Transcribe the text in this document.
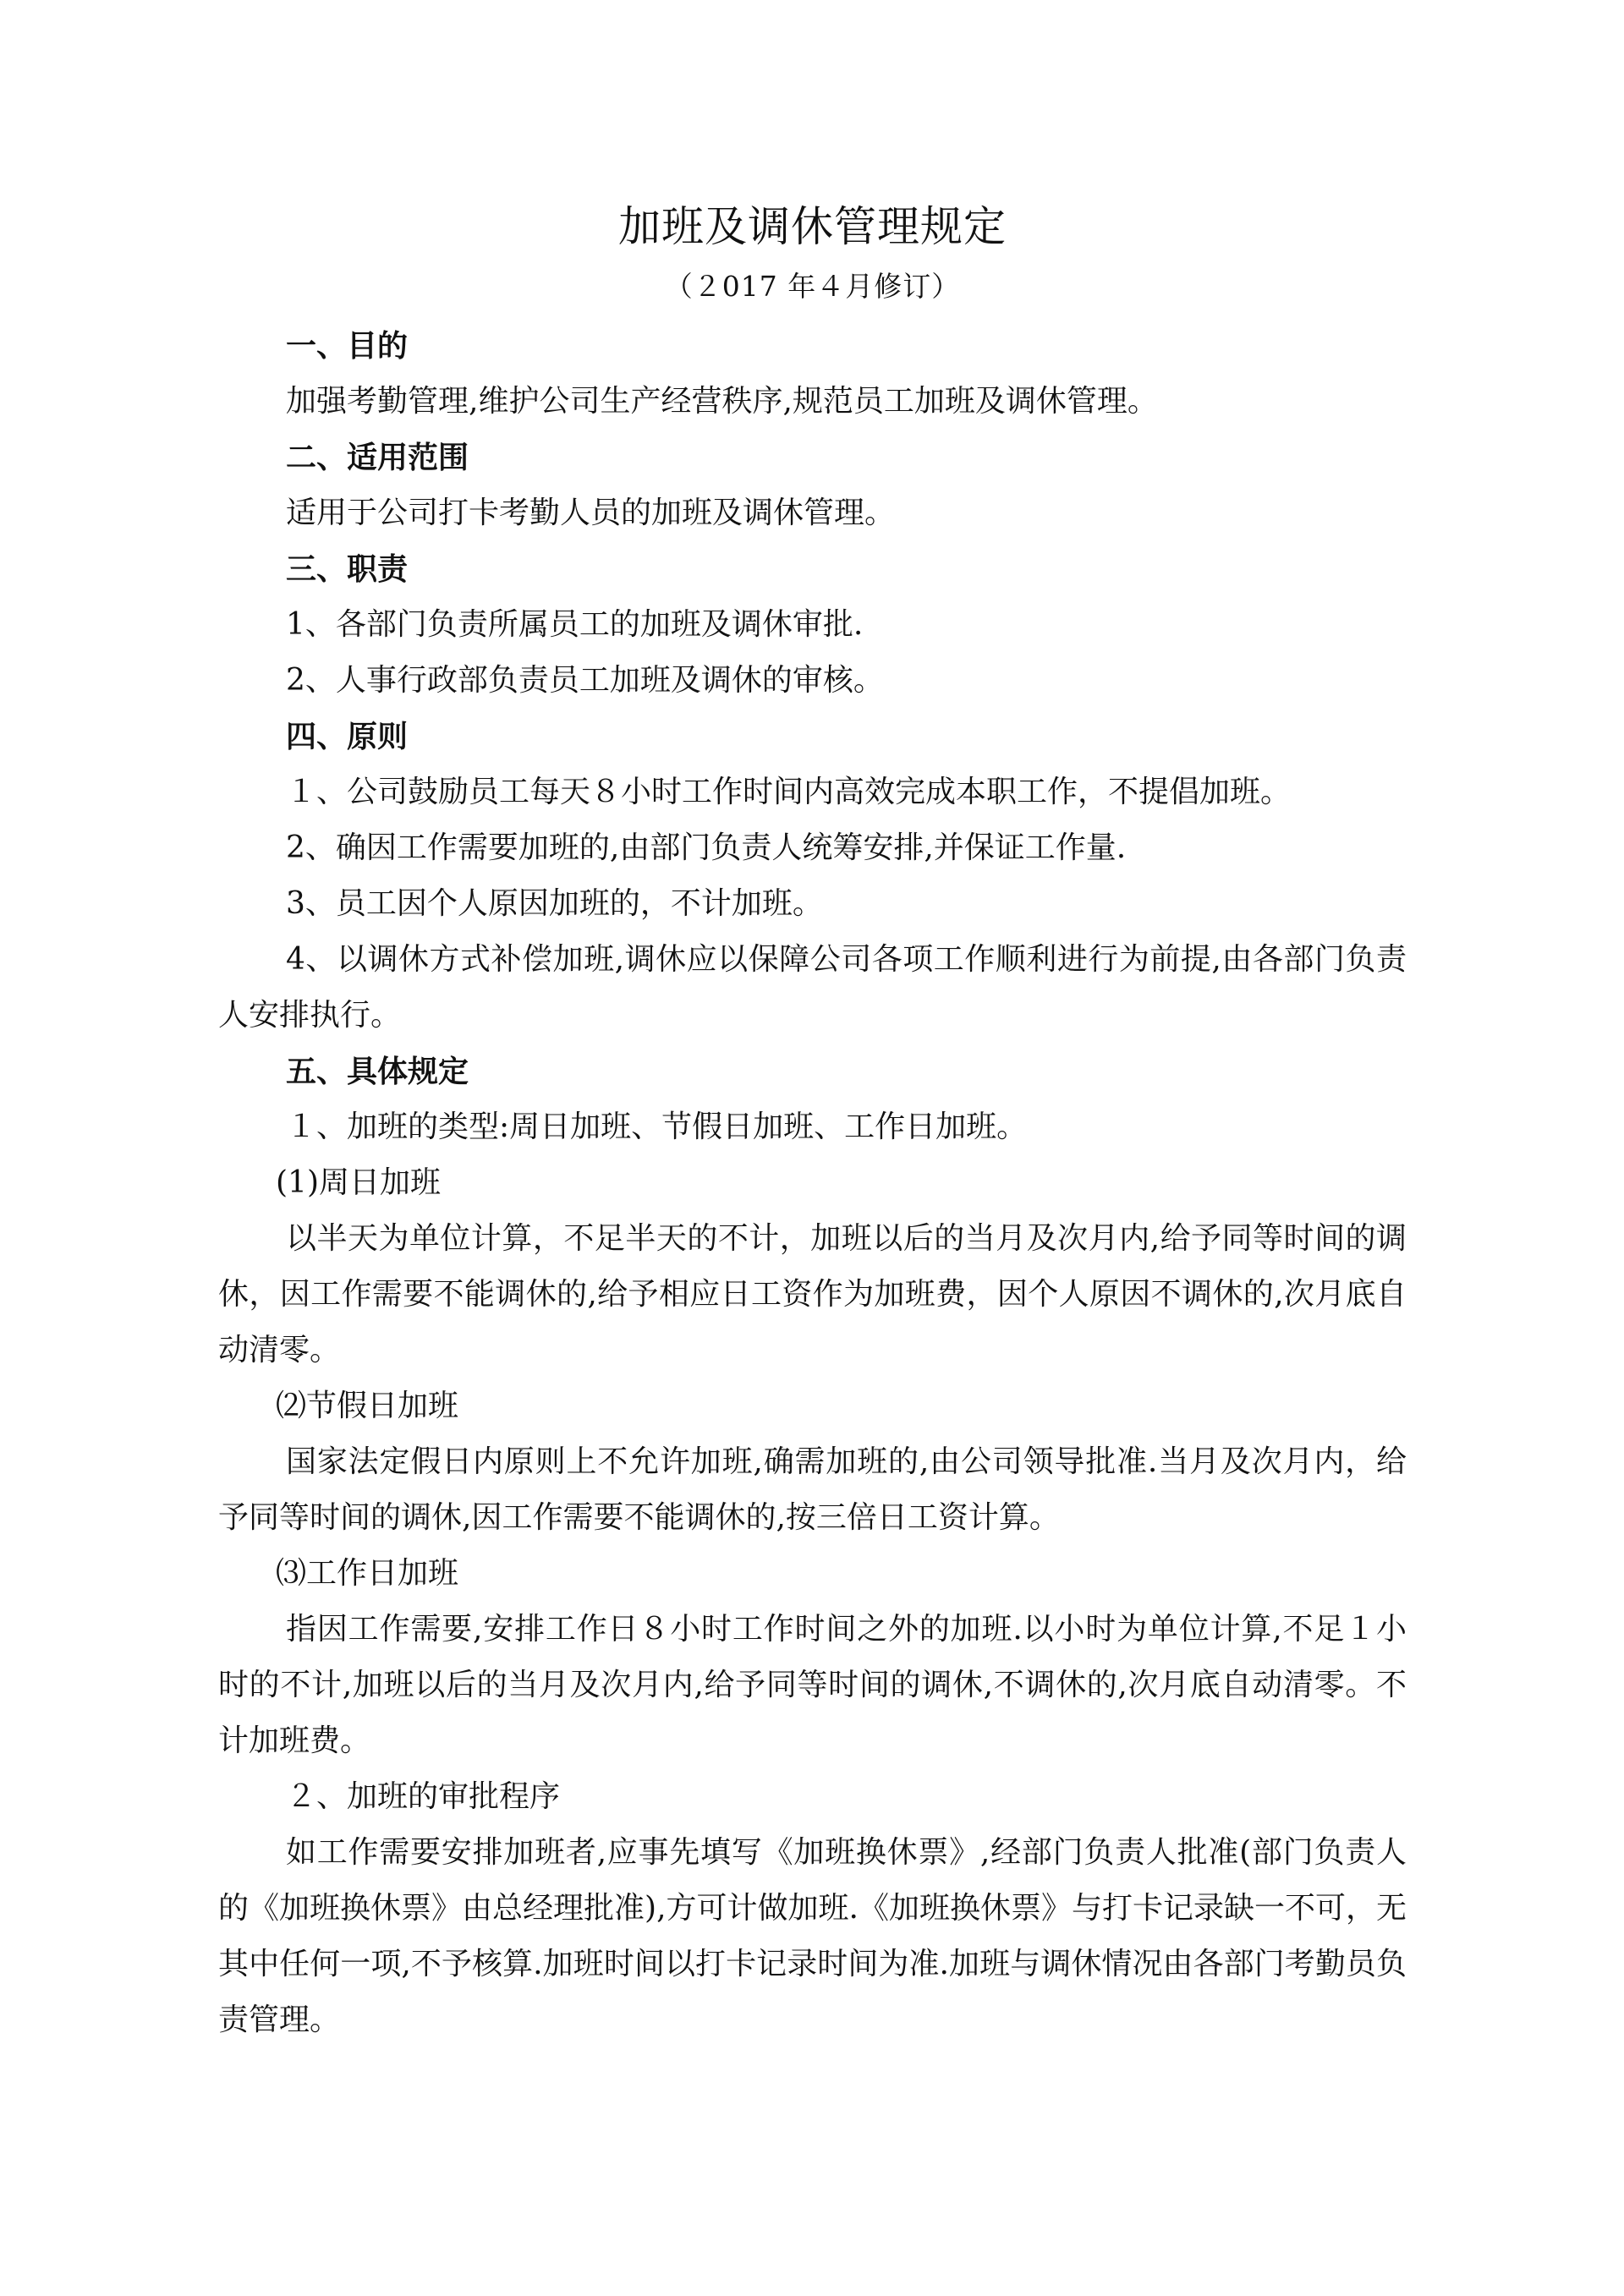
加班及调休管理规定

（２017 年４月修订）

一、目的

加强考勤管理,维护公司生产经营秩序,规范员工加班及调休管理。

二、适用范围

适用于公司打卡考勤人员的加班及调休管理。

三、职责

1、各部门负责所属员工的加班及调休审批.

2、人事行政部负责员工加班及调休的审核。

四、原则

１、公司鼓励员工每天８小时工作时间内高效完成本职工作，不提倡加班。

2、确因工作需要加班的,由部门负责人统筹安排,并保证工作量.

3、员工因个人原因加班的，不计加班。

4、以调休方式补偿加班,调休应以保障公司各项工作顺利进行为前提,由各部门负责人安排执行。

五、具体规定

１、加班的类型:周日加班、节假日加班、工作日加班。

(1)周日加班

以半天为单位计算，不足半天的不计，加班以后的当月及次月内,给予同等时间的调休，因工作需要不能调休的,给予相应日工资作为加班费，因个人原因不调休的,次月底自动清零。

⑵节假日加班

国家法定假日内原则上不允许加班,确需加班的,由公司领导批准.当月及次月内，给予同等时间的调休,因工作需要不能调休的,按三倍日工资计算。

⑶工作日加班

指因工作需要,安排工作日８小时工作时间之外的加班.以小时为单位计算,不足１小时的不计,加班以后的当月及次月内,给予同等时间的调休,不调休的,次月底自动清零。不计加班费。

２、加班的审批程序

如工作需要安排加班者,应事先填写《加班换休票》,经部门负责人批准(部门负责人的《加班换休票》由总经理批准),方可计做加班.《加班换休票》与打卡记录缺一不可，无其中任何一项,不予核算.加班时间以打卡记录时间为准.加班与调休情况由各部门考勤员负责管理。
